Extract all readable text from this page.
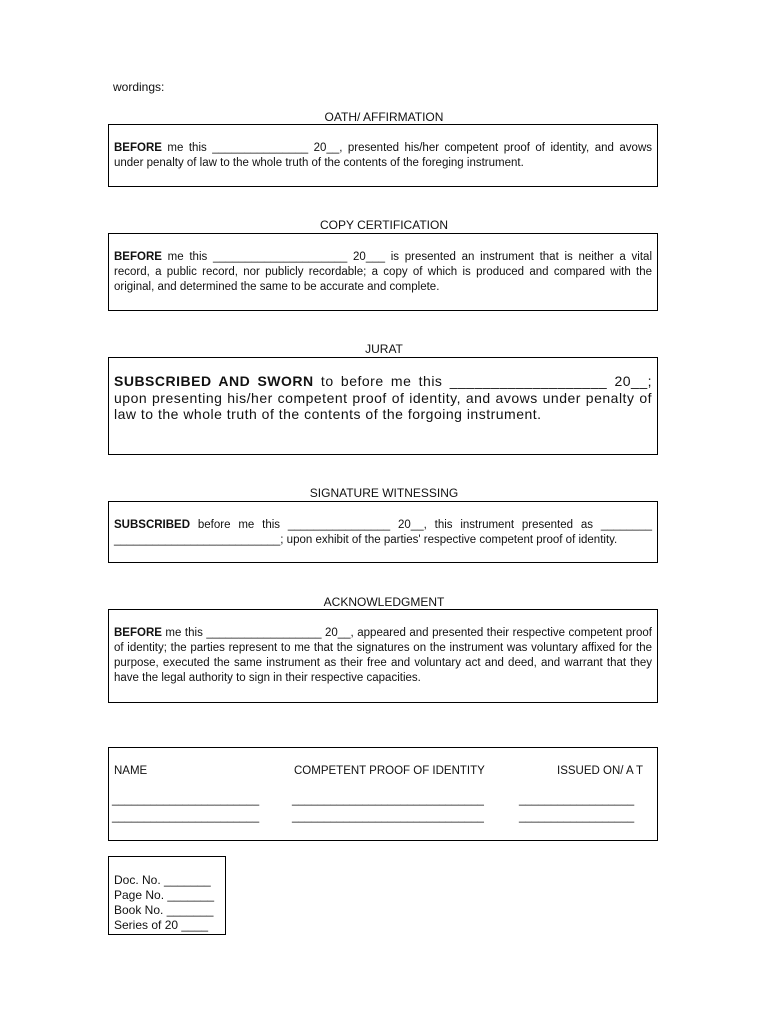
wordings:
OATH/ AFFIRMATION
BEFORE me this _______________ 20__, presented his/her competent proof of identity, and avows under penalty of law to the whole truth of the contents of the foreging instrument.
COPY CERTIFICATION
BEFORE me this _____________________ 20___ is presented an instrument that is neither a vital record, a public record, nor publicly recordable; a copy of which is produced and compared with the original, and determined the same to be accurate and complete.
JURAT
SUBSCRIBED AND SWORN to before me this ___________________ 20__; upon presenting his/her competent proof of identity, and avows under penalty of law to the whole truth of the contents of the forgoing instrument.
SIGNATURE WITNESSING
SUBSCRIBED before me this ________________ 20__, this instrument presented as ________ __________________________; upon exhibit of the parties' respective competent proof of identity.
ACKNOWLEDGMENT
BEFORE me this __________________ 20__, appeared and presented their respective competent proof of identity; the parties represent to me that the signatures on the instrument was voluntary affixed for the purpose, executed the same instrument as their free and voluntary act and deed, and warrant that they have the legal authority to sign in their respective capacities.
NAME	COMPETENT PROOF OF IDENTITY	ISSUED ON/ A T
_______________________	______________________________	__________________
_______________________	______________________________	__________________
Doc. No. _______
Page No. _______
Book No. _______
Series of 20 ____
